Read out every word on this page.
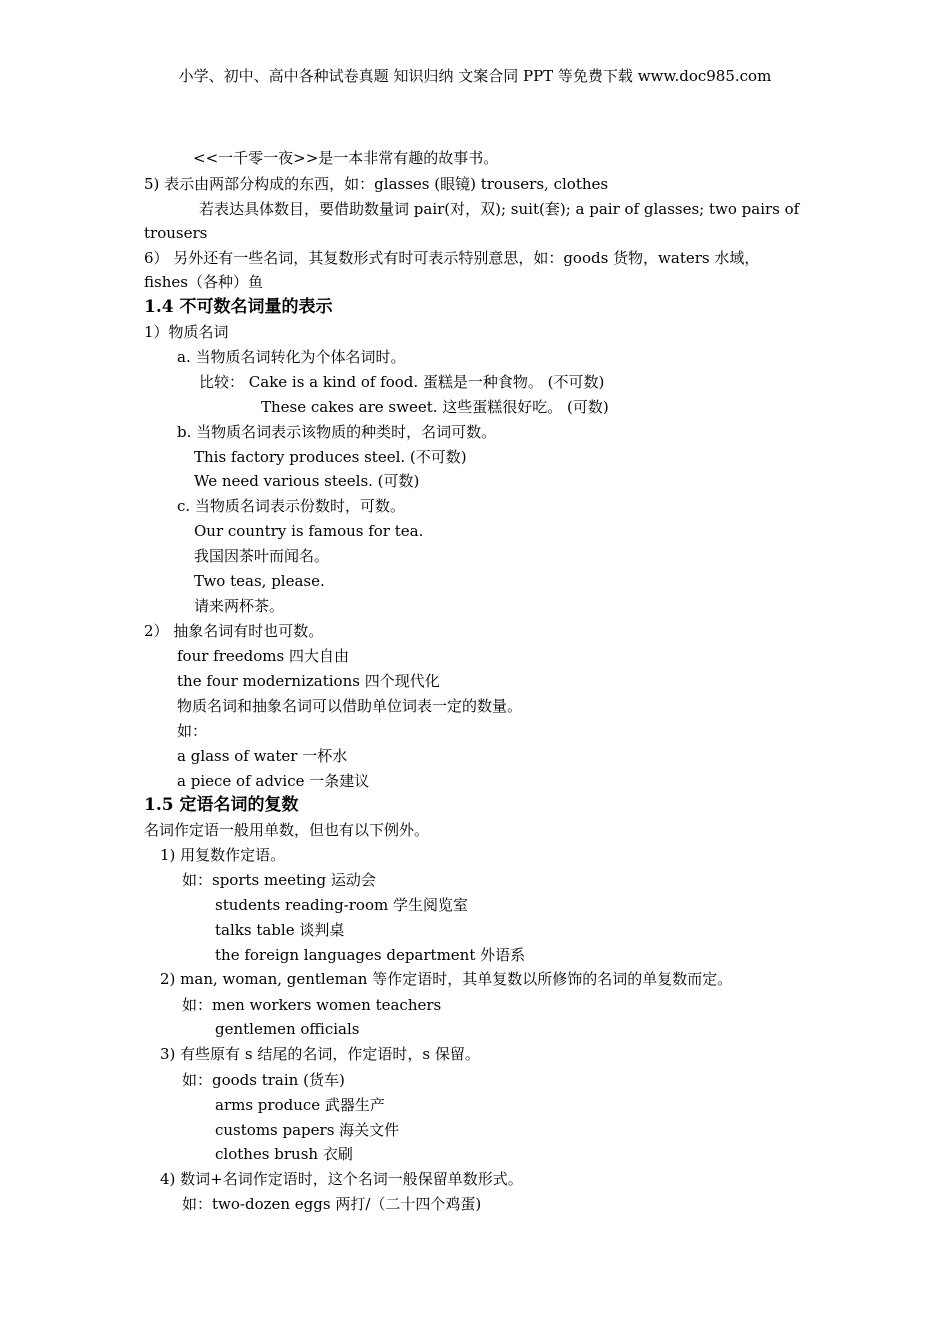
小学、初中、高中各种试卷真题 知识归纳 文案合同 PPT 等免费下载 www.doc985.com
<<一千零一夜>>是一本非常有趣的故事书。
5) 表示由两部分构成的东西，如：glasses (眼镜) trousers, clothes
若表达具体数目，要借助数量词 pair(对，双); suit(套); a pair of glasses; two pairs of
trousers
6） 另外还有一些名词，其复数形式有时可表示特别意思，如：goods 货物，waters 水域，
fishes（各种）鱼
1.4 不可数名词量的表示
1）物质名词
a. 当物质名词转化为个体名词时。
比较： Cake is a kind of food. 蛋糕是一种食物。 (不可数)
These cakes are sweet. 这些蛋糕很好吃。 (可数)
b. 当物质名词表示该物质的种类时，名词可数。
This factory produces steel. (不可数)
We need various steels. (可数)
c. 当物质名词表示份数时，可数。
Our country is famous for tea.
我国因茶叶而闻名。
Two teas, please.
请来两杯茶。
2） 抽象名词有时也可数。
four freedoms 四大自由
the four modernizations 四个现代化
物质名词和抽象名词可以借助单位词表一定的数量。
如：
a glass of water 一杯水
a piece of advice 一条建议
1.5 定语名词的复数
名词作定语一般用单数，但也有以下例外。
1) 用复数作定语。
如：sports meeting 运动会
students reading-room 学生阅览室
talks table 谈判桌
the foreign languages department 外语系
2) man, woman, gentleman 等作定语时，其单复数以所修饰的名词的单复数而定。
如：men workers women teachers
gentlemen officials
3) 有些原有 s 结尾的名词，作定语时，s 保留。
如：goods train (货车)
arms produce 武器生产
customs papers 海关文件
clothes brush 衣刷
4) 数词+名词作定语时，这个名词一般保留单数形式。
如：two-dozen eggs 两打/（二十四个鸡蛋)
